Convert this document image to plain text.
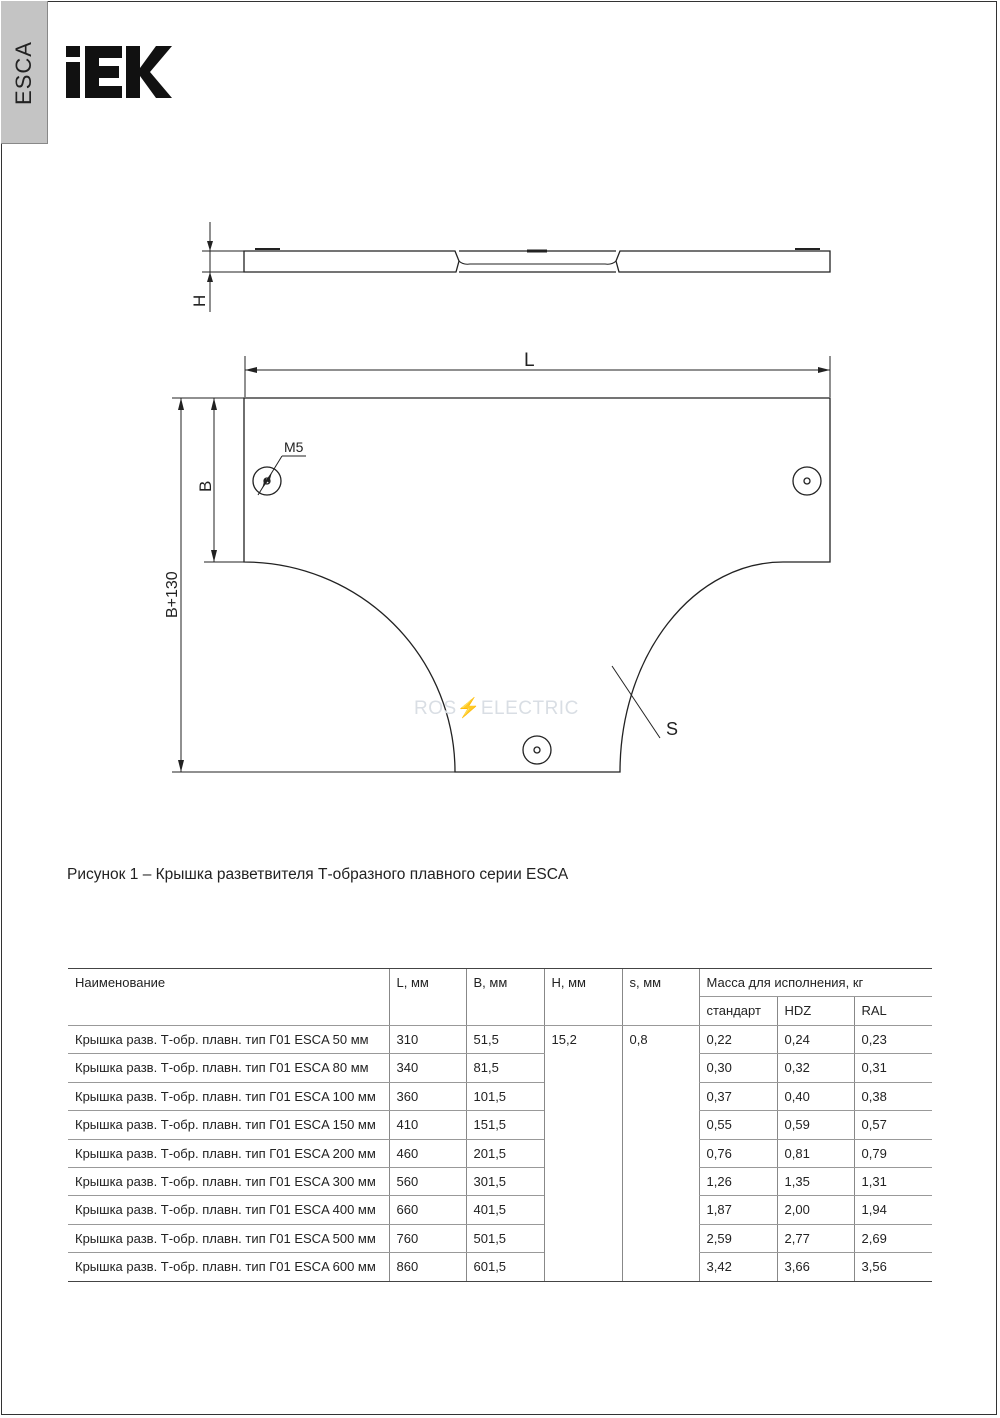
ESCA
H
L
B
B+130
M5
S
ROS⚡ELECTRIC
Рисунок 1 – Крышка разветвителя Т-образного плавного серии ESCA
Наименование	L, мм	B, мм	H, мм	s, мм	Масса для исполнения, кг		
					стандарт	HDZ	RAL
Крышка разв. Т-обр. плавн. тип Г01 ESCA 50 мм	310	51,5	15,2	0,8	0,22	0,24	0,23
Крышка разв. Т-обр. плавн. тип Г01 ESCA 80 мм	340	81,5			0,30	0,32	0,31
Крышка разв. Т-обр. плавн. тип Г01 ESCA 100 мм	360	101,5			0,37	0,40	0,38
Крышка разв. Т-обр. плавн. тип Г01 ESCA 150 мм	410	151,5			0,55	0,59	0,57
Крышка разв. Т-обр. плавн. тип Г01 ESCA 200 мм	460	201,5			0,76	0,81	0,79
Крышка разв. Т-обр. плавн. тип Г01 ESCA 300 мм	560	301,5			1,26	1,35	1,31
Крышка разв. Т-обр. плавн. тип Г01 ESCA 400 мм	660	401,5			1,87	2,00	1,94
Крышка разв. Т-обр. плавн. тип Г01 ESCA 500 мм	760	501,5			2,59	2,77	2,69
Крышка разв. Т-обр. плавн. тип Г01 ESCA 600 мм	860	601,5			3,42	3,66	3,56
